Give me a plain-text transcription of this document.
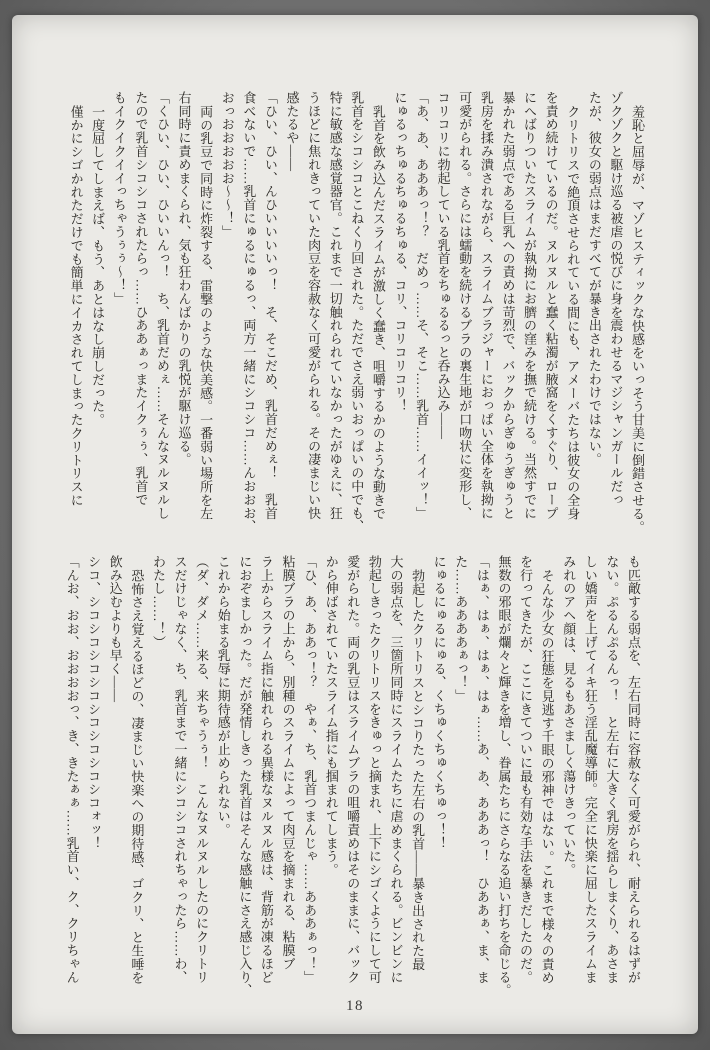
羞恥と屈辱が、マゾヒスティックな快感をいっそう甘美に倒錯させる。
ゾクゾクと駆け巡る被虐の悦びに身を震わせるマジシャンガールだっ
たが、彼女の弱点はまだすべてが暴き出されたわけではない。
クリトリスで絶頂させられている間にも、アメーバたちは彼女の全身
を責め続けているのだ。ヌルヌルと蠢く粘濁が腋窩をくすぐり、ロープ
にへばりついたスライムが執拗にお臍の窪みを撫で続ける。当然すでに
暴かれた弱点である巨乳への責めは苛烈で、バックからぎゅうぎゅうと
乳房を揉み潰されながら、スライムブラジャーにおっぱい全体を執拗に
可愛がられる。さらには蠕動を続けるブラの裏生地が口吻状に変形し、
コリコリに勃起している乳首をちゅるるっと呑み込み——
「あ、あ、あああっ！？　だめっ……そ、そこ……乳首……イイッ！」
にゅるっちゅるちゅるちゅる、コリ、コリコリコリ！
乳首を飲み込んだスライムが激しく蠢き、咀嚼するかのような動きで
乳首をシコシコとこねくり回された。ただでさえ弱いおっぱいの中でも、
特に敏感な感覚器官。これまで一切触れられていなかったがゆえに、狂
うほどに焦れきっていた肉豆を容赦なく可愛がられる。その凄まじい快
感たるや——
「ひい、ひい、んひいいいいっ！　そ、そこだめ、乳首だめぇ！　乳首
食べないで……乳首にゅるにゅるっ、両方一緒にシコシコ……んおおお、
おっおおおおお〜〜！」
両の乳豆で同時に炸裂する、雷撃のような快美感。一番弱い場所を左
右同時に責めまくられ、気も狂わんばかりの乳悦が駆け巡る。
「くひい、ひい、ひいいんっ！　ち、乳首だめぇ……そんなヌルヌルし
たので乳首シコシコされたらっ……ひああぁっまたイクぅぅ、乳首で
もイクイクイイっちゃうぅぅ〜！」
一度屈してしまえば、もう、あとはなし崩しだった。
僅かにシゴかれただけでも簡単にイカされてしまったクリトリスに
も匹敵する弱点を、左右同時に容赦なく可愛がられ、耐えられるはずが
ない。ぷるんぷるんっ！　と左右に大きく乳房を揺らしまくり、あさま
しい嬌声を上げてイキ狂う淫乱魔導師。完全に快楽に屈したスライムま
みれのアヘ顔は、見るもあさましく蕩けきっていた。
そんな少女の狂態を見逃す千眼の邪神ではない。これまで様々の責め
を行ってきたが、ここにきてついに最も有効な手法を暴きだしたのだ。
無数の邪眼が爛々と輝きを増し、眷属たちにさらなる追い打ちを命じる。
「はぁ、はぁ、はぁ、はぁ……あ、あ、あああっ！　ひああぁ、ま、ま
た……ああああぁっ！」
にゅるにゅるにゅる、くちゅくちゅくちゅっ！！
勃起したクリトリスとシコりたった左右の乳首——暴き出された最
大の弱点を、三箇所同時にスライムたちに虐めまくられる。ビンビンに
勃起しきったクリトリスをきゅっと摘まれ、上下にシゴくようにして可
愛がられた。両の乳豆はスライムブラの咀嚼責めはそのままに、バック
から伸ばされていたスライム指にも掴まれてしまう。
「ひ、あ、ああっ！？　やぁ、ち、乳首つまんじゃ……あああぁっ！」
粘膜ブラの上から、別種のスライムによって肉豆を摘まれる、粘膜ブ
ラ上からスライム指に触れられる異様なヌルヌル感は、背筋が凍るほど
におぞましかった。だが発情しきった乳首はそんな感触にさえ感じ入り、
これから始まる乳辱に期待感が止められない。
（ダ、ダメ……来る、来ちゃうぅ！　こんなヌルヌルしたのにクリトリ
スだけじゃなく、ち、乳首まで一緒にシコシコされちゃったら……わ、
わたし……！）
恐怖さえ覚えるほどの、凄まじい快楽への期待感、ゴクリ、と生唾を
飲み込むよりも早く——
シコ、シコシコシコシコシコシコシコシコォッ！
「んお、おお、おおおおっ、き、きたぁぁ……乳首い、ク、クリちゃん
18
